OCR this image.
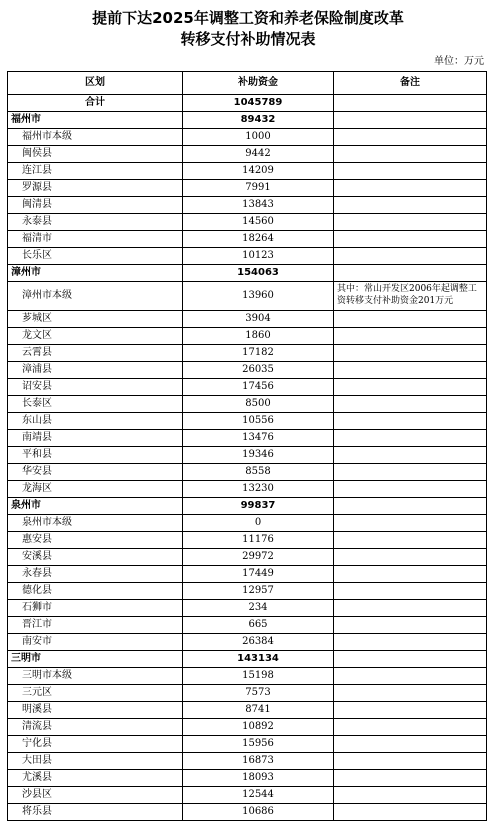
提前下达2025年调整工资和养老保险制度改革
转移支付补助情况表
单位：万元
区划	补助资金	备注
合计	1045789	
福州市	89432	
福州市本级	1000	
闽侯县	9442	
连江县	14209	
罗源县	7991	
闽清县	13843	
永泰县	14560	
福清市	18264	
长乐区	10123	
漳州市	154063	
漳州市本级	13960	其中：常山开发区2006年起调整工资转移支付补助资金201万元
芗城区	3904	
龙文区	1860	
云霄县	17182	
漳浦县	26035	
诏安县	17456	
长泰区	8500	
东山县	10556	
南靖县	13476	
平和县	19346	
华安县	8558	
龙海区	13230	
泉州市	99837	
泉州市本级	0	
惠安县	11176	
安溪县	29972	
永春县	17449	
德化县	12957	
石狮市	234	
晋江市	665	
南安市	26384	
三明市	143134	
三明市本级	15198	
三元区	7573	
明溪县	8741	
清流县	10892	
宁化县	15956	
大田县	16873	
尤溪县	18093	
沙县区	12544	
将乐县	10686	
